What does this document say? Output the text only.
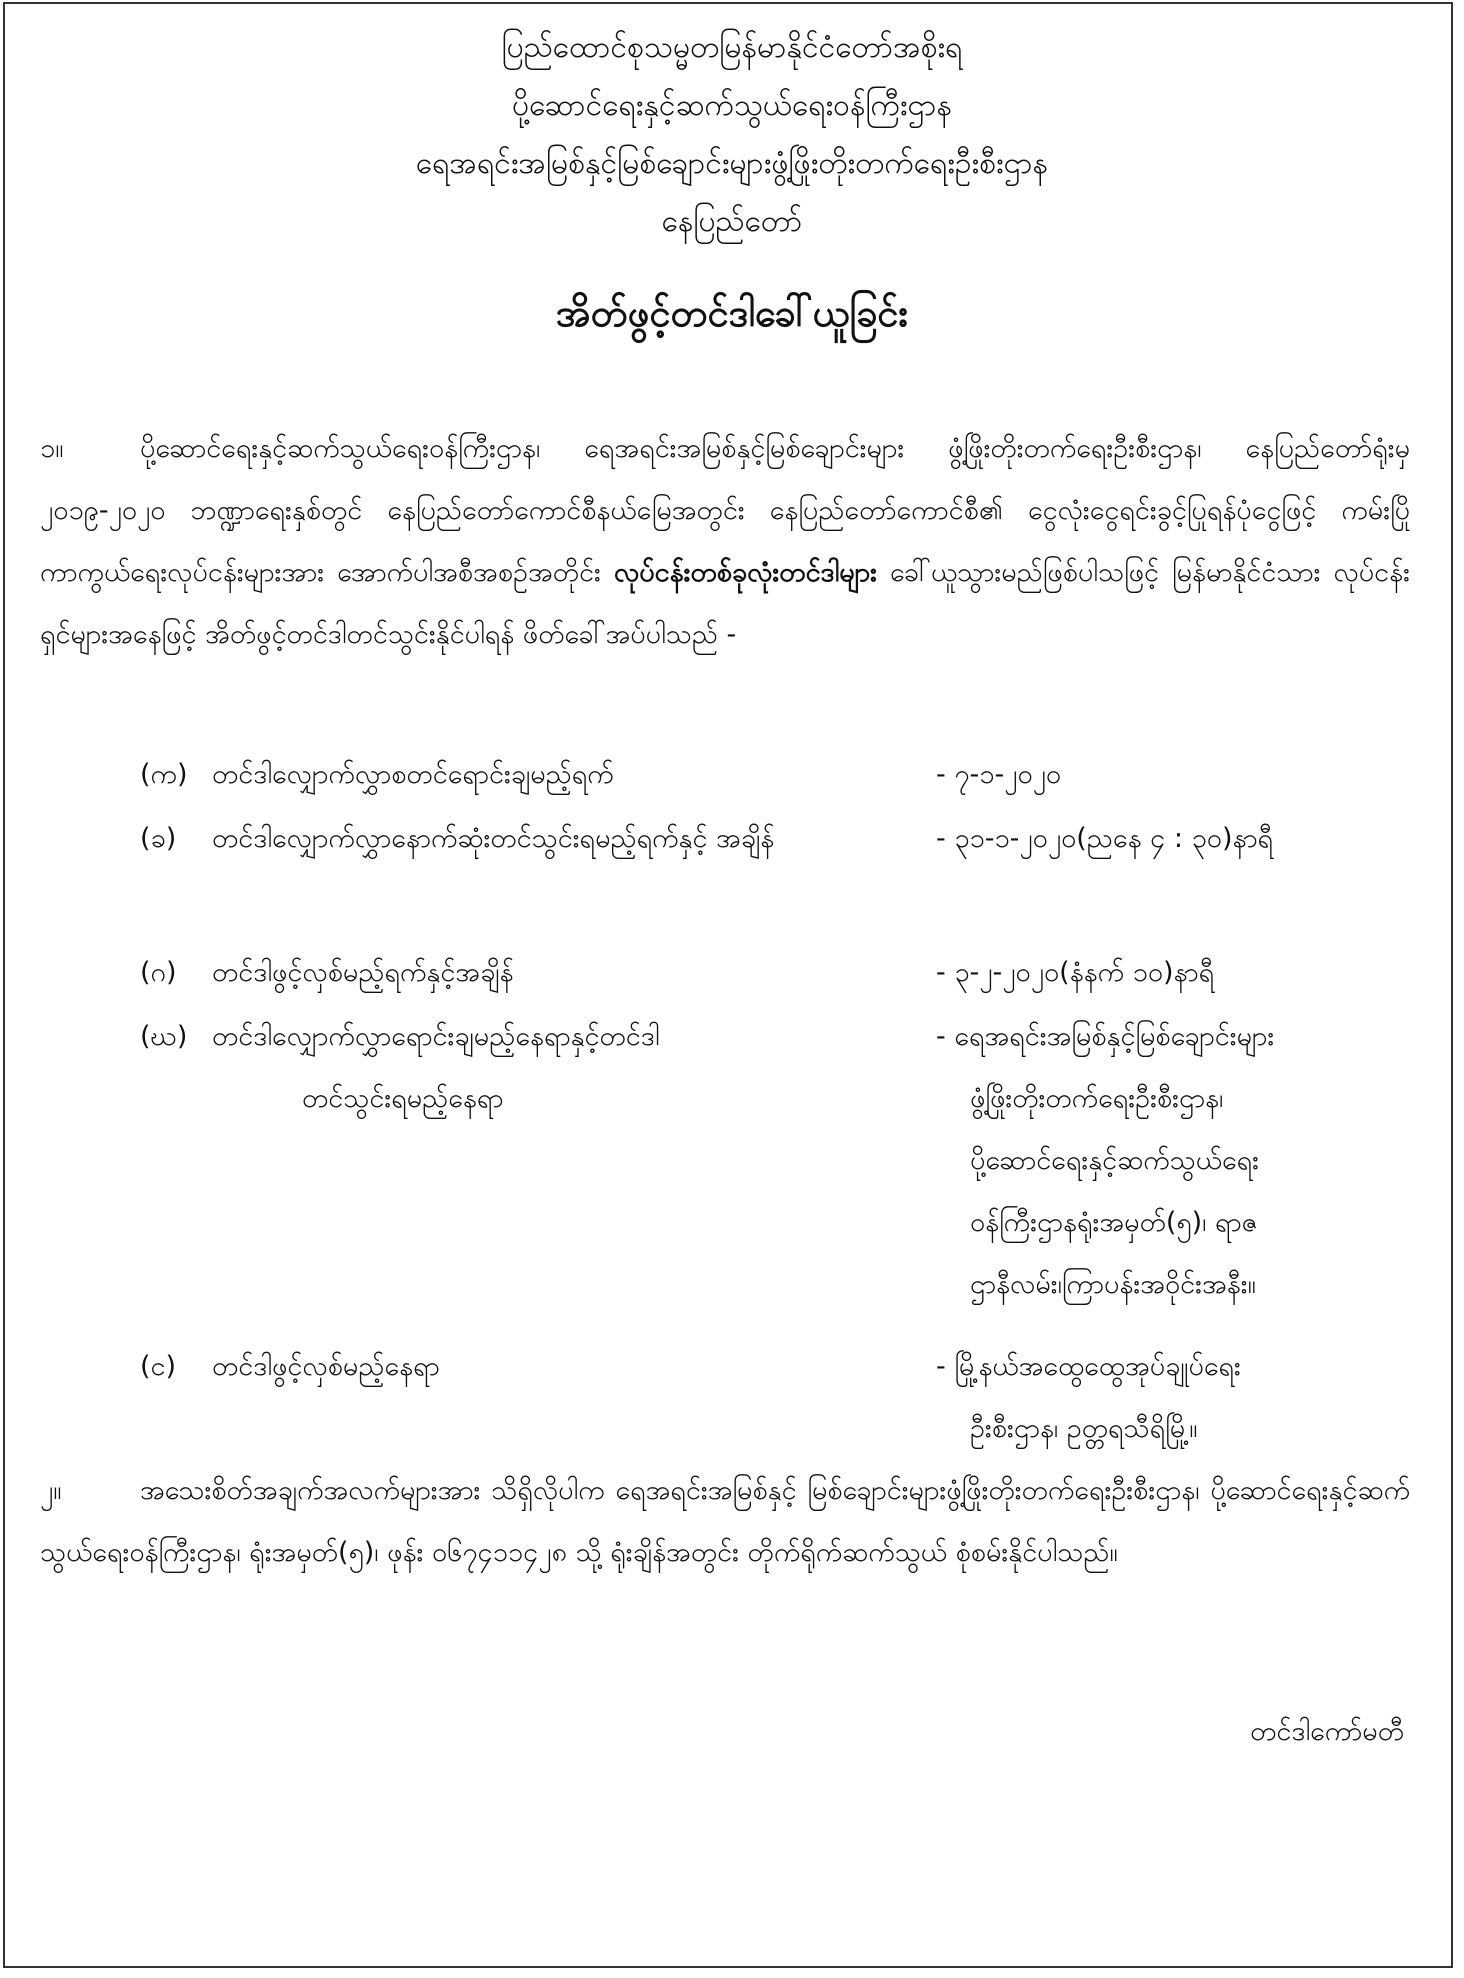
ပြည်ထောင်စုသမ္မတမြန်မာနိုင်ငံတော်အစိုးရ
ပို့ဆောင်ရေးနှင့်ဆက်သွယ်ရေးဝန်ကြီးဌာန
ရေအရင်းအမြစ်နှင့်မြစ်ချောင်းများဖွံ့ဖြိုးတိုးတက်ရေးဦးစီးဌာန
နေပြည်တော်
အိတ်ဖွင့်တင်ဒါခေါ်ယူခြင်း
၁။	ပို့ဆောင်ရေးနှင့်ဆက်သွယ်ရေးဝန်ကြီးဌာန၊ ရေအရင်းအမြစ်နှင့်မြစ်ချောင်းများ ဖွံ့ဖြိုးတိုးတက်ရေးဦးစီးဌာန၊ နေပြည်တော်ရုံးမှ ၂၀၁၉-၂၀၂၀ ဘဏ္ဍာရေးနှစ်တွင် နေပြည်တော်ကောင်စီနယ်မြေအတွင်း နေပြည်တော်ကောင်စီ၏ ငွေလုံးငွေရင်းခွင့်ပြုရန်ပုံငွေဖြင့် ကမ်းပြိုကာကွယ်ရေးလုပ်ငန်းများအား အောက်ပါအစီအစဉ်အတိုင်း လုပ်ငန်းတစ်ခုလုံးတင်ဒါများ ခေါ်ယူသွားမည်ဖြစ်ပါသဖြင့် မြန်မာနိုင်ငံသား လုပ်ငန်းရှင်များအနေဖြင့် အိတ်ဖွင့်တင်ဒါတင်သွင်းနိုင်ပါရန် ဖိတ်ခေါ်အပ်ပါသည် -
(က) တင်ဒါလျှောက်လွှာစတင်ရောင်းချမည့်ရက်	- ၇-၁-၂၀၂၀
(ခ)	တင်ဒါလျှောက်လွှာနောက်ဆုံးတင်သွင်းရမည့်ရက်နှင့် အချိန်	- ၃၁-၁-၂၀၂၀(ညနေ ၄ : ၃၀)နာရီ
(ဂ)	တင်ဒါဖွင့်လှစ်မည့်ရက်နှင့်အချိန်	- ၃-၂-၂၀၂၀(နံနက် ၁၀)နာရီ
(ဃ) တင်ဒါလျှောက်လွှာရောင်းချမည့်နေရာနှင့်တင်ဒါ
တင်သွင်းရမည့်နေရာ
- ရေအရင်းအမြစ်နှင့်မြစ်ချောင်းများ
ဖွံ့ဖြိုးတိုးတက်ရေးဦးစီးဌာန၊
ပို့ဆောင်ရေးနှင့်ဆက်သွယ်ရေး
ဝန်ကြီးဌာနရုံးအမှတ်(၅)၊ ရာဇ
ဌာနီလမ်း၊ကြာပန်းအဝိုင်းအနီး။
(င)	တင်ဒါဖွင့်လှစ်မည့်နေရာ	- မြို့နယ်အထွေထွေအုပ်ချုပ်ရေး
ဦးစီးဌာန၊ ဥတ္တရသီရိမြို့။
၂။	အသေးစိတ်အချက်အလက်များအား သိရှိလိုပါက ရေအရင်းအမြစ်နှင့် မြစ်ချောင်းများဖွံ့ဖြိုးတိုးတက်ရေးဦးစီးဌာန၊ ပို့ဆောင်ရေးနှင့်ဆက်သွယ်ရေးဝန်ကြီးဌာန၊ ရုံးအမှတ်(၅)၊ ဖုန်း ၀၆၇၄၁၁၄၂၈ သို့ ရုံးချိန်အတွင်း တိုက်ရိုက်ဆက်သွယ် စုံစမ်းနိုင်ပါသည်။
တင်ဒါကော်မတီ
